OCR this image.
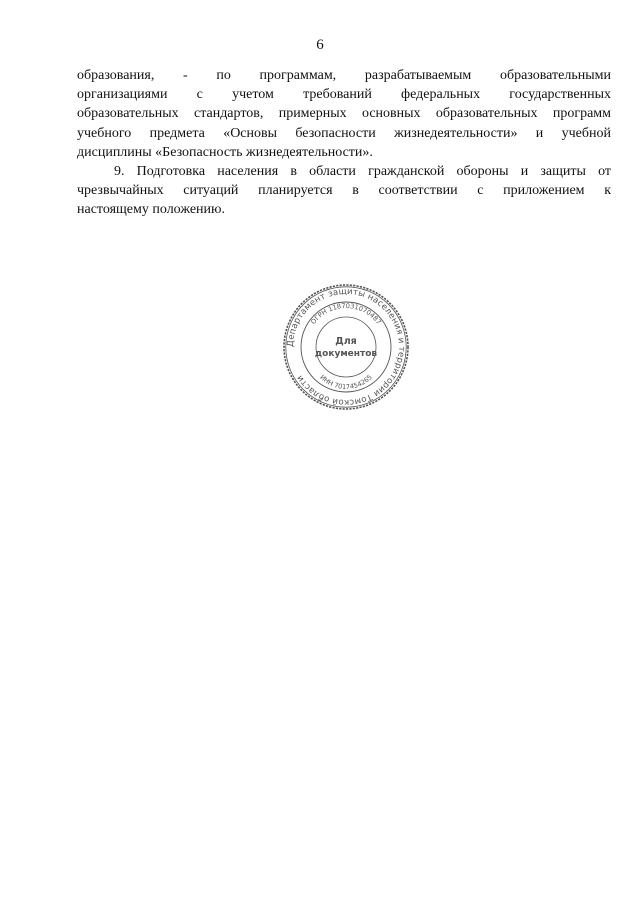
6

образования, - по программам, разрабатываемым образовательными
организациями с учетом требований федеральных государственных
образовательных стандартов, примерных основных образовательных программ
учебного предмета «Основы безопасности жизнедеятельности» и учебной
дисциплины «Безопасность жизнедеятельности».

9. Подготовка населения в области гражданской обороны и защиты от
чрезвычайных ситуаций планируется в соответствии с приложением к
настоящему положению.

Департамент защиты населения и территории Томской области
ОГРН 1187031070487
ИНН 7017454265
Для
документов
